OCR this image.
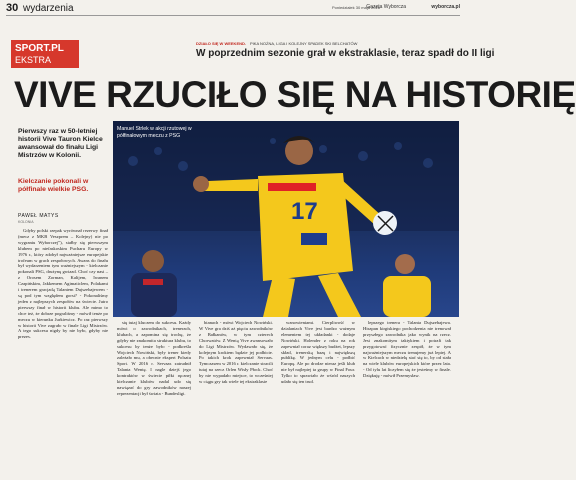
30 wydarzenia	Poniedziałek 30 maja 2016
Gazeta Wyborcza	wyborcza.pl
SPORT.PL
EKSTRA
DZIAŁO SIĘ W WEEKEND. PIKA NOŻNA, LIGA I KOLEJNY SPADEK SKI BELCHATÓW
W poprzednim sezonie grał w ekstraklasie, teraz spadł do II ligi
VIVE RZUCIŁO SIĘ NA HISTORIĘ
Pierwszy raz w 50-letniej historii Vive Tauron Kielce awansował do finału Ligi Mistrzów w Kolonii.
Kielczanie pokonali w półfinale wielkie PSG.
PAWEŁ MATYS
KOLONIA	17
Manuel Strlek w akcji rzutowej w półfinałowym meczu z PSG

Gdyby polski rzepak wyrównał rezerwy finał (mecz z MKB Veszprem – Kolejny) nie po wygraniu Wyborczej”), stałby się pierwszym klubem po niefaskoskim Pucharu Europy w 1976 r., który zdobył najważniejsze europejskie trofeum w grach zespołowych. Awans do finału był wydarzeniem tym ważniejszym - kielczanie pokonali PSG, drużynę gwiazd. Choć czy nasi – z Orosem Zorman, Kalijem, Iwanem Czapińskim, Jakkemem Agimaticlem, Polakami i trenerem gracjadą Talantem Dujszebajewem - są pod tym względem gorsi? - Pokonaliśmy jeden z najlepszych zespołów na świecie. Jutro pierwszy finał w historii klubu. Ale mimo to chce też, że dobrze pograliśmy - mówił tenże po meczu w kierunku Jurkiewicz. Po raz pierwszy w historii Vive zagrało w finale Ligi Mistrzów. A tego sukcesu nigdy by nie było, gdyby nie prezes.

się tutaj kluczem do sukcesu. Każdy mówi o zawodnikach, trenerach, klubach, a zapomina się trochę, że gdyby nie znakomita struktura klubu, to sukcesu by tenże było - podkreśla Wojciech Nowiński, były trener kiedy zależało mu, a obecnie ekspert Polsatu Sport. W 2016 r. Servaas zatrudnił Talanta Wentę. I nagle dziejś jego kontraktów w świecie piłki ręcznej kielczanie klubów nadal udo się nawiązać do gry zawodników naszej reprezentacji był świata - Bundesligi.

bianach - mówi Wojciech Nowiński. W Vive gra dziś aż pięciu zawodników z Bałkanów, w tym czterech Chorwatów. Z Wentą Vive awansowało do Ligi Mistrzów. Wydawało się, że kolejnym krokiem będzie jej podbicie. Po takich krok zapewniał Servaas. Tymczasem w 2016 r. kielczanie stracili tutaj na rzecz Orlen Wisły Płock. Choć by nie wypadało miejsce, to wcześniej w ciągu gry tak wiele tej ekstraklasie

wznowieniami. Cierpliwość w dzialaniach Vive jest bardzo ważnym elementem tej układanki - dodaje Nowiński. Holender z roku na rok zapewniał coraz większy budżet, lepszy skład, trenerską bazę i największą publikę. W jednym celu - podbić Europę. Ale po drodze nieraz jeśli klub nie był najlepiej ta grupy w Final Four. Tylko to sprawiało że wśród naszych udało się ten trud.

lepszego trenera - Talanta Dujszebajewa. Hiszpan kirgiskiego pochodzenia nie trenował przyszłego zawodnika jako wynik na rzecz. Jest znakomitym taktykiem i potrafi tak przygotować fizycznie zespół, że w tym najważniejszym meczu trenujemy już lepiej. A w Kielcach w niedzielę stać się to, by od stała na wiele klubów europejskich które przez lata. - Od tylu lat liczyłem się że jesteśmy w finale. Dziękuję - mówił Przemysław.
